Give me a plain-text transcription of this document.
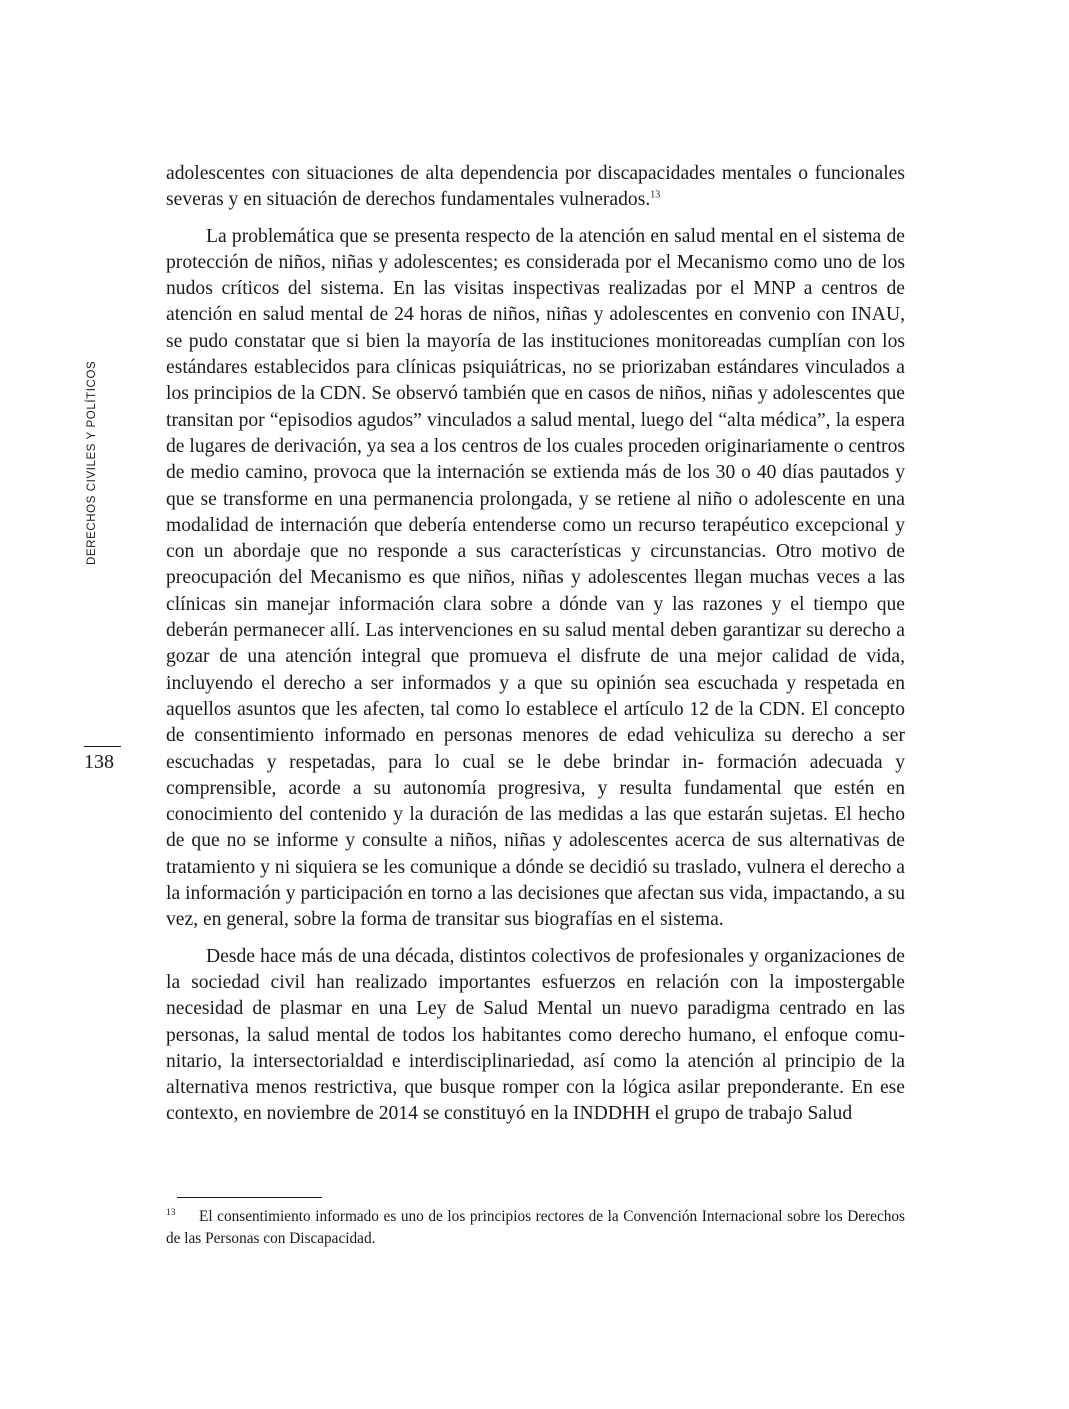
DERECHOS CIVILES Y POLÍTICOS
138

adolescentes con situaciones de alta dependencia por discapacidades mentales o funcionales severas y en situación de derechos fundamentales vulnerados.$^{13}$

La problemática que se presenta respecto de la atención en salud mental en el sistema de protección de niños, niñas y adolescentes; es considerada por el Mecanismo como uno de los nudos críticos del sistema. En las visitas inspectivas realizadas por el MNP a centros de atención en salud mental de 24 horas de niños, niñas y adolescentes en convenio con INAU, se pudo constatar que si bien la mayoría de las instituciones monitoreadas cumplían con los estándares establecidos para clínicas psiquiátricas, no se priorizaban estándares vinculados a los principios de la CDN. Se observó también que en casos de niños, niñas y adolescentes que transitan por “episodios agudos” vinculados a salud mental, luego del “alta médica”, la espera de lugares de derivación, ya sea a los centros de los cuales proceden originariamente o centros de medio camino, provoca que la internación se extienda más de los 30 o 40 días pautados y que se transforme en una permanencia prolongada, y se retiene al niño o adolescente en una modalidad de internación que debería entenderse como un recurso terapéutico excepcional y con un abordaje que no responde a sus características y circunstancias. Otro motivo de preocupación del Mecanismo es que niños, niñas y adolescentes llegan muchas veces a las clínicas sin manejar información clara sobre a dónde van y las razones y el tiempo que deberán permanecer allí. Las intervenciones en su salud mental deben garantizar su derecho a gozar de una atención integral que promueva el disfrute de una mejor calidad de vida, incluyendo el derecho a ser informados y a que su opinión sea escuchada y respetada en aquellos asuntos que les afecten, tal como lo establece el artículo 12 de la CDN. El concepto de consentimiento informado en personas menores de edad vehiculiza su derecho a ser escuchadas y respetadas, para lo cual se le debe brindar in- formación adecuada y comprensible, acorde a su autonomía progresiva, y resulta fundamental que estén en conocimiento del contenido y la duración de las medidas a las que estarán sujetas. El hecho de que no se informe y consulte a niños, niñas y adolescentes acerca de sus alternativas de tratamiento y ni siquiera se les comunique a dónde se decidió su traslado, vulnera el derecho a la información y participación en torno a las decisiones que afectan sus vida, impactando, a su vez, en general, sobre la forma de transitar sus biografías en el sistema.

Desde hace más de una década, distintos colectivos de profesionales y organizaciones de la sociedad civil han realizado importantes esfuerzos en relación con la impostergable necesidad de plasmar en una Ley de Salud Mental un nuevo paradigma centrado en las personas, la salud mental de todos los habitantes como derecho humano, el enfoque comunitario, la intersectorialdad e interdisciplinariedad, así como la atención al principio de la alternativa menos restrictiva, que busque romper con la lógica asilar preponderante. En ese contexto, en noviembre de 2014 se constituyó en la INDDHH el grupo de trabajo Salud

13 El consentimiento informado es uno de los principios rectores de la Convención Internacional sobre los Derechos de las Personas con Discapacidad.
